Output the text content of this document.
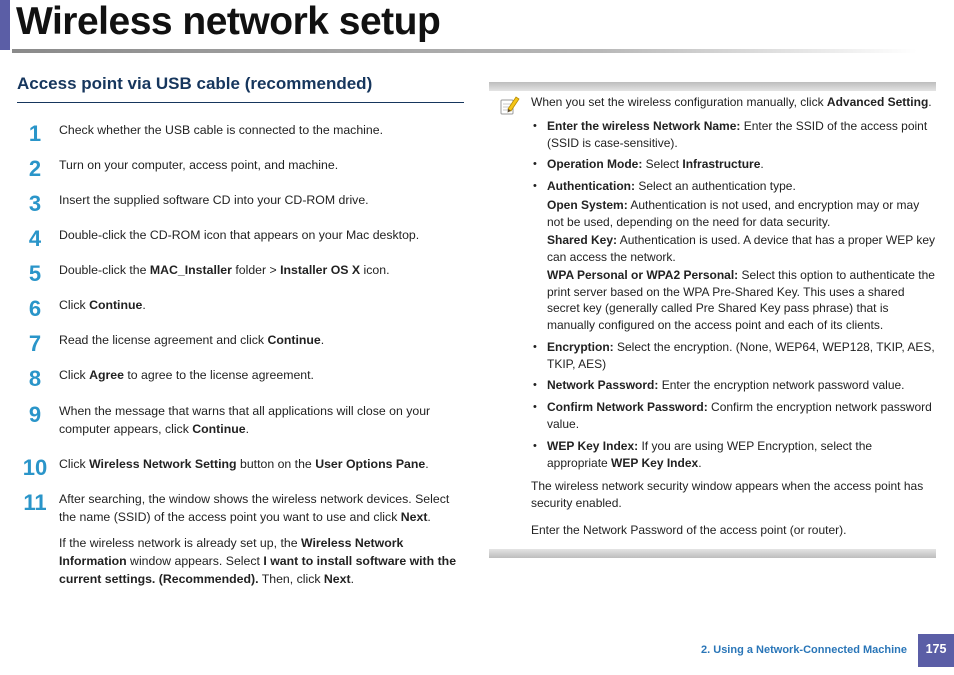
Wireless network setup
Access point via USB cable (recommended)
1	Check whether the USB cable is connected to the machine.
2	Turn on your computer, access point, and machine.
3	Insert the supplied software CD into your CD-ROM drive.
4	Double-click the CD-ROM icon that appears on your Mac desktop.
5	Double-click the MAC_Installer folder > Installer OS X icon.
6	Click Continue.
7	Read the license agreement and click Continue.
8	Click Agree to agree to the license agreement.
9	When the message that warns that all applications will close on your computer appears, click Continue.
10 Click Wireless Network Setting button on the User Options Pane.
11	After searching, the window shows the wireless network devices. Select the name (SSID) of the access point you want to use and click Next.
If the wireless network is already set up, the Wireless Network Information window appears. Select I want to install software with the current settings. (Recommended). Then, click Next.
When you set the wireless configuration manually, click Advanced Setting.
• Enter the wireless Network Name: Enter the SSID of the access point (SSID is case-sensitive).
• Operation Mode: Select Infrastructure.
• Authentication: Select an authentication type.
Open System: Authentication is not used, and encryption may or may not be used, depending on the need for data security.
Shared Key: Authentication is used. A device that has a proper WEP key can access the network.
WPA Personal or WPA2 Personal: Select this option to authenticate the print server based on the WPA Pre-Shared Key. This uses a shared secret key (generally called Pre Shared Key pass phrase) that is manually configured on the access point and each of its clients.
• Encryption: Select the encryption. (None, WEP64, WEP128, TKIP, AES, TKIP, AES)
• Network Password: Enter the encryption network password value.
• Confirm Network Password: Confirm the encryption network password value.
• WEP Key Index: If you are using WEP Encryption, select the appropriate WEP Key Index.
The wireless network security window appears when the access point has security enabled.
Enter the Network Password of the access point (or router).
2. Using a Network-Connected Machine	175
